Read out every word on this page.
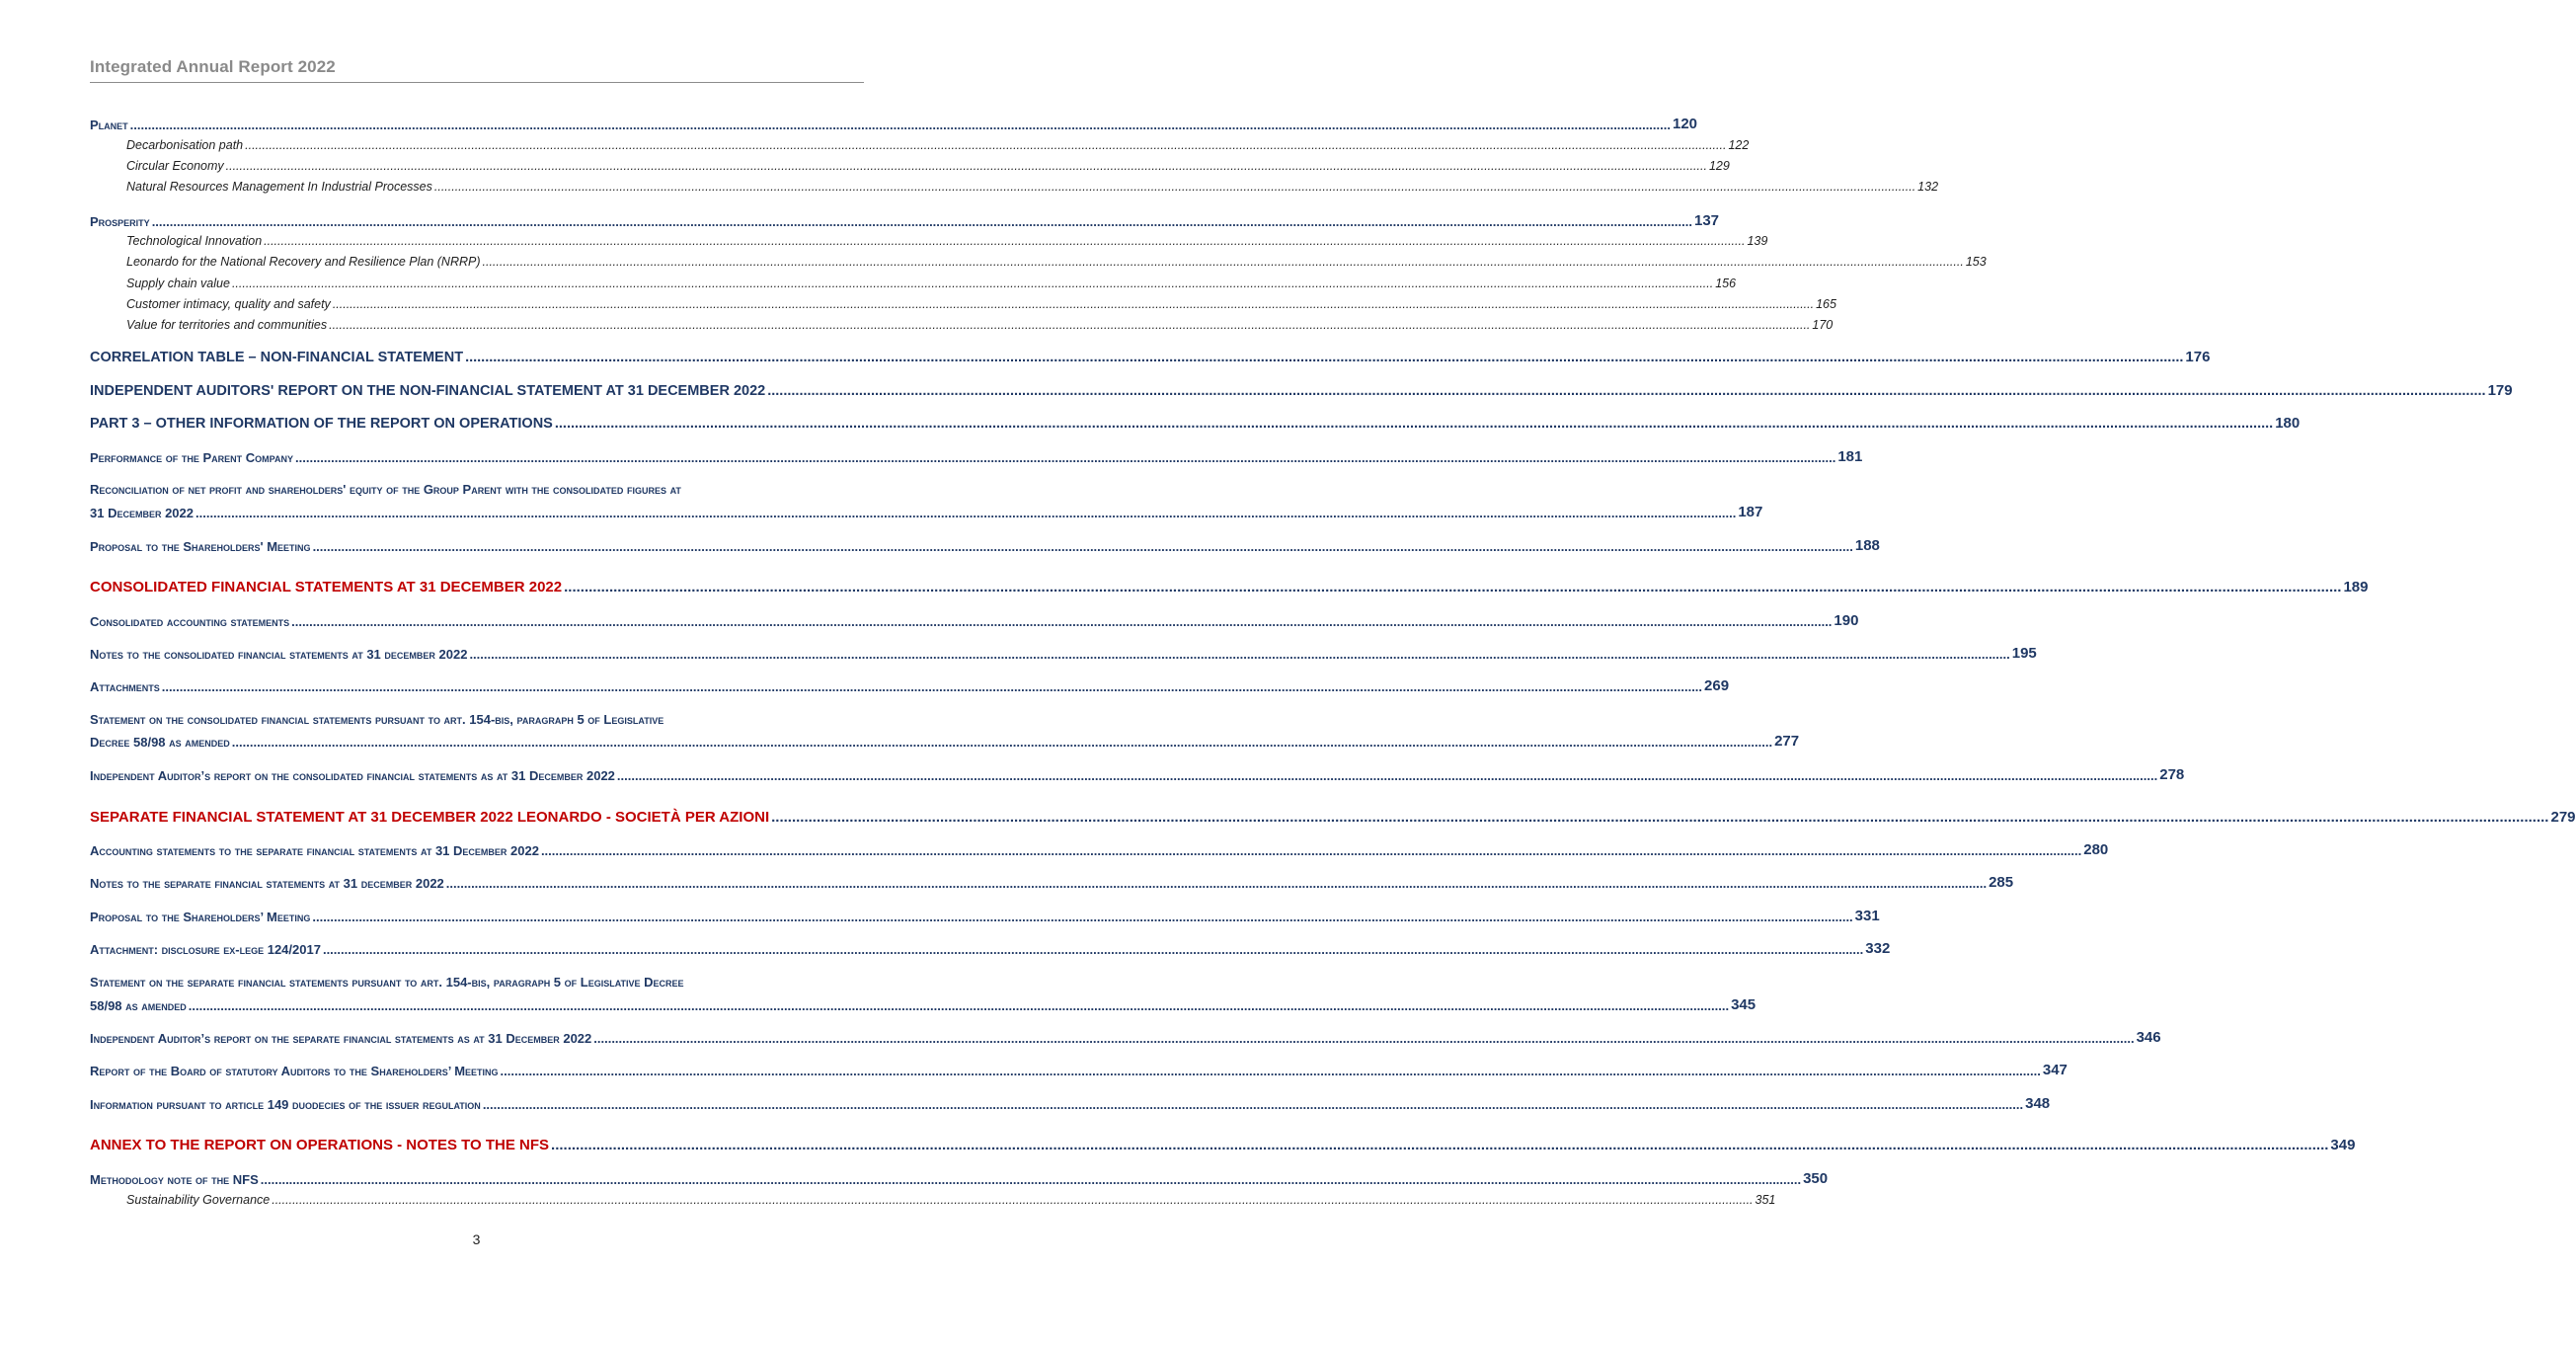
Integrated Annual Report 2022
Planet .....	120
Decarbonisation path .....	122
Circular Economy .....	129
Natural Resources Management In Industrial Processes .....	132
Prosperity .....	137
Technological Innovation .....	139
Leonardo for the National Recovery and Resilience Plan (NRRP) .....	153
Supply chain value .....	156
Customer intimacy, quality and safety .....	165
Value for territories and communities .....	170
CORRELATION TABLE – NON-FINANCIAL STATEMENT .....	176
INDEPENDENT AUDITORS' REPORT ON THE NON-FINANCIAL STATEMENT AT 31 DECEMBER 2022 .....	179
PART 3 – OTHER INFORMATION OF THE REPORT ON OPERATIONS .....	180
Performance of the Parent Company .....	181
Reconciliation of net profit and shareholders' equity of the Group Parent with the consolidated figures at
31 December 2022 .....	187
Proposal to the Shareholders' Meeting .....	188
CONSOLIDATED FINANCIAL STATEMENTS AT 31 DECEMBER 2022 .....	189
Consolidated accounting statements .....	190
Notes to the consolidated financial statements at 31 december 2022 .....	195
Attachments .....	269
Statement on the consolidated financial statements pursuant to art. 154-bis, paragraph 5 of Legislative
Decree 58/98 as amended .....	277
Independent Auditor’s report on the consolidated financial statements as at 31 December 2022 .....	278
SEPARATE FINANCIAL STATEMENT AT 31 DECEMBER 2022 LEONARDO - SOCIETÀ PER AZIONI .....	279
Accounting statements to the separate financial statements at 31 December 2022 .....	280
Notes to the separate financial statements at 31 december 2022 .....	285
Proposal to the Shareholders’ Meeting .....	331
Attachment: disclosure ex-lege 124/2017 .....	332
Statement on the separate financial statements pursuant to art. 154-bis, paragraph 5 of Legislative Decree
58/98 as amended .....	345
Independent Auditor’s report on the separate financial statements as at 31 December 2022 .....	346
Report of the Board of statutory Auditors to the Shareholders’ Meeting .....	347
Information pursuant to article 149 duodecies of the issuer regulation .....	348
ANNEX TO THE REPORT ON OPERATIONS - NOTES TO THE NFS .....	349
Methodology note of the NFS .....	350
Sustainability Governance .....	351
3
